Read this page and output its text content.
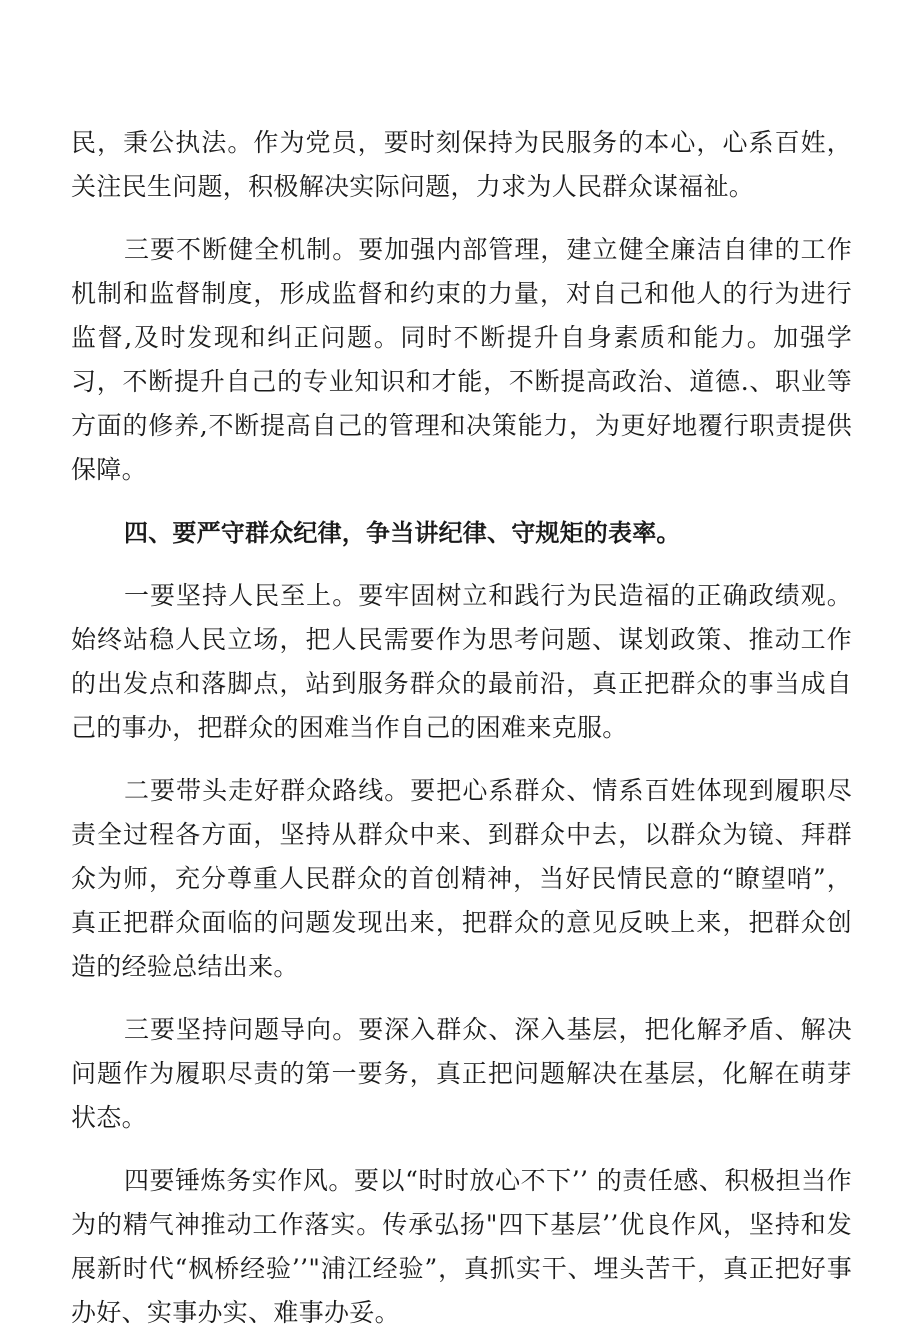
民，秉公执法。作为党员，要时刻保持为民服务的本心，心系百姓，关注民生问题，积极解决实际问题，力求为人民群众谋福祉。

三要不断健全机制。要加强内部管理，建立健全廉洁自律的工作机制和监督制度，形成监督和约束的力量，对自己和他人的行为进行监督,及时发现和纠正问题。同时不断提升自身素质和能力。加强学习，不断提升自己的专业知识和才能，不断提高政治、道德.、职业等方面的修养,不断提高自己的管理和决策能力，为更好地覆行职责提供保障。

四、要严守群众纪律，争当讲纪律、守规矩的表率。

一要坚持人民至上。要牢固树立和践行为民造福的正确政绩观。始终站稳人民立场，把人民需要作为思考问题、谋划政策、推动工作的出发点和落脚点，站到服务群众的最前沿，真正把群众的事当成自己的事办，把群众的困难当作自己的困难来克服。

二要带头走好群众路线。要把心系群众、情系百姓体现到履职尽责全过程各方面，坚持从群众中来、到群众中去，以群众为镜、拜群众为师，充分尊重人民群众的首创精神，当好民情民意的“瞭望哨”，真正把群众面临的问题发现出来，把群众的意见反映上来，把群众创造的经验总结出来。

三要坚持问题导向。要深入群众、深入基层，把化解矛盾、解决问题作为履职尽责的第一要务，真正把问题解决在基层，化解在萌芽状态。

四要锤炼务实作风。要以“时时放心不下’’ 的责任感、积极担当作为的精气神推动工作落实。传承弘扬"四下基层’’优良作风，坚持和发展新时代“枫桥经验’’"浦江经验”，真抓实干、埋头苦干，真正把好事办好、实事办实、难事办妥。
